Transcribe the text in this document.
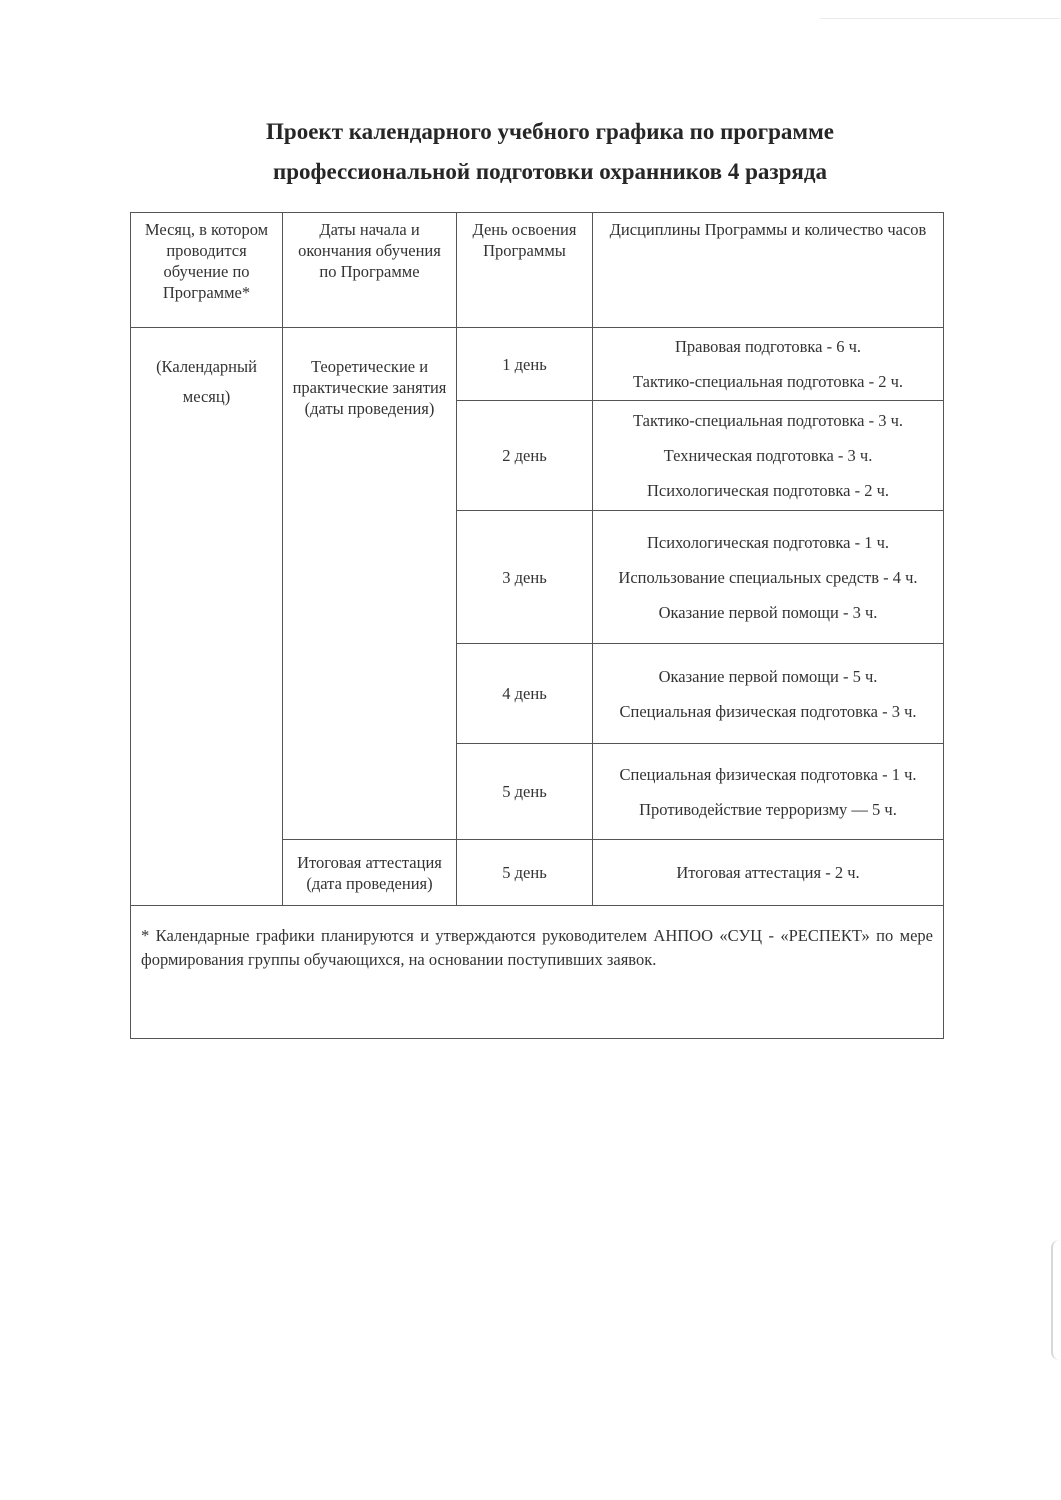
Проект календарного учебного графика по программе
профессиональной подготовки охранников 4 разряда
Месяц, в котором проводится обучение по Программе*	Даты начала и окончания обучения по Программе	День освоения Программы	Дисциплины Программы и количество часов
(Календарный месяц)	Теоретические и практические занятия (даты проведения)	1 день	Правовая подготовка - 6 ч.

Тактико-специальная подготовка - 2 ч.

		2 день	Тактико-специальная подготовка - 3 ч.

Техническая подготовка - 3 ч.

Психологическая подготовка - 2 ч.

		3 день	Психологическая подготовка - 1 ч.

Использование специальных средств - 4 ч.

Оказание первой помощи - 3 ч.

		4 день	Оказание первой помощи - 5 ч.

Специальная физическая подготовка - 3 ч.

		5 день	Специальная физическая подготовка - 1 ч.

Противодействие терроризму — 5 ч.

	Итоговая аттестация (дата проведения)	5 день	Итоговая аттестация - 2 ч.

* Календарные графики планируются и утверждаются руководителем АНПОО «СУЦ - «РЕСПЕКТ» по мере формирования группы обучающихся, на основании поступивших заявок.			
